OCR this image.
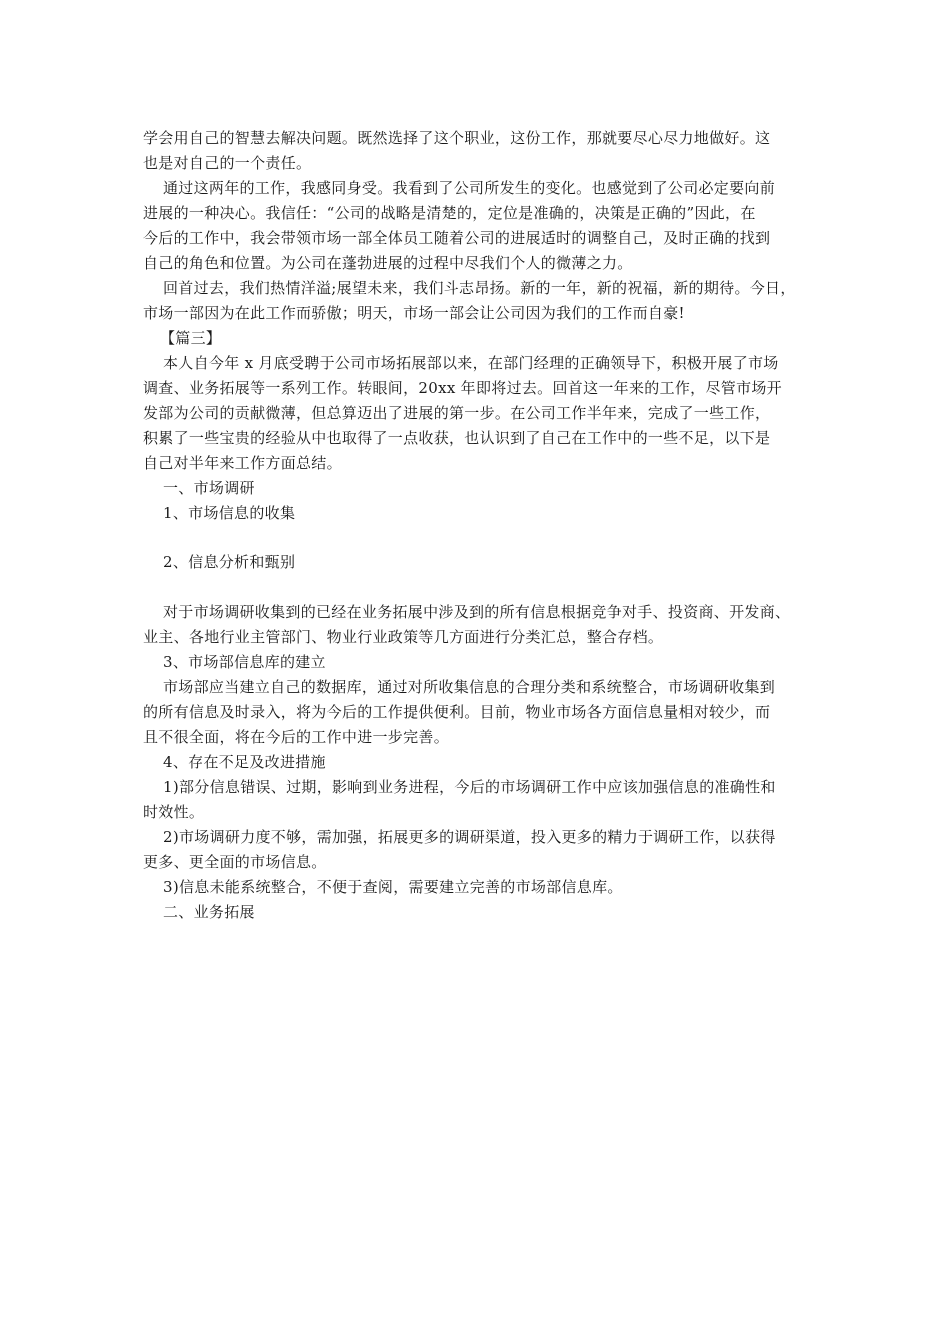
学会用自己的智慧去解决问题。既然选择了这个职业，这份工作，那就要尽心尽力地做好。这
也是对自己的一个责任。
通过这两年的工作，我感同身受。我看到了公司所发生的变化。也感觉到了公司必定要向前
进展的一种决心。我信任：“公司的战略是清楚的，定位是准确的，决策是正确的”因此，在
今后的工作中，我会带领市场一部全体员工随着公司的进展适时的调整自己，及时正确的找到
自己的角色和位置。为公司在蓬勃进展的过程中尽我们个人的微薄之力。
回首过去，我们热情洋溢;展望未来，我们斗志昂扬。新的一年，新的祝福，新的期待。今日，
市场一部因为在此工作而骄傲；明天，市场一部会让公司因为我们的工作而自豪!
【篇三】
本人自今年 x 月底受聘于公司市场拓展部以来，在部门经理的正确领导下，积极开展了市场
调查、业务拓展等一系列工作。转眼间，20xx 年即将过去。回首这一年来的工作，尽管市场开
发部为公司的贡献微薄，但总算迈出了进展的第一步。在公司工作半年来，完成了一些工作，
积累了一些宝贵的经验从中也取得了一点收获，也认识到了自己在工作中的一些不足，以下是
自己对半年来工作方面总结。
一、市场调研
1、市场信息的收集
2、信息分析和甄别
对于市场调研收集到的已经在业务拓展中涉及到的所有信息根据竞争对手、投资商、开发商、
业主、各地行业主管部门、物业行业政策等几方面进行分类汇总，整合存档。
3、市场部信息库的建立
市场部应当建立自己的数据库，通过对所收集信息的合理分类和系统整合，市场调研收集到
的所有信息及时录入，将为今后的工作提供便利。目前，物业市场各方面信息量相对较少，而
且不很全面，将在今后的工作中进一步完善。
4、存在不足及改进措施
1)部分信息错误、过期，影响到业务进程，今后的市场调研工作中应该加强信息的准确性和
时效性。
2)市场调研力度不够，需加强，拓展更多的调研渠道，投入更多的精力于调研工作，以获得
更多、更全面的市场信息。
3)信息未能系统整合，不便于查阅，需要建立完善的市场部信息库。
二、业务拓展
